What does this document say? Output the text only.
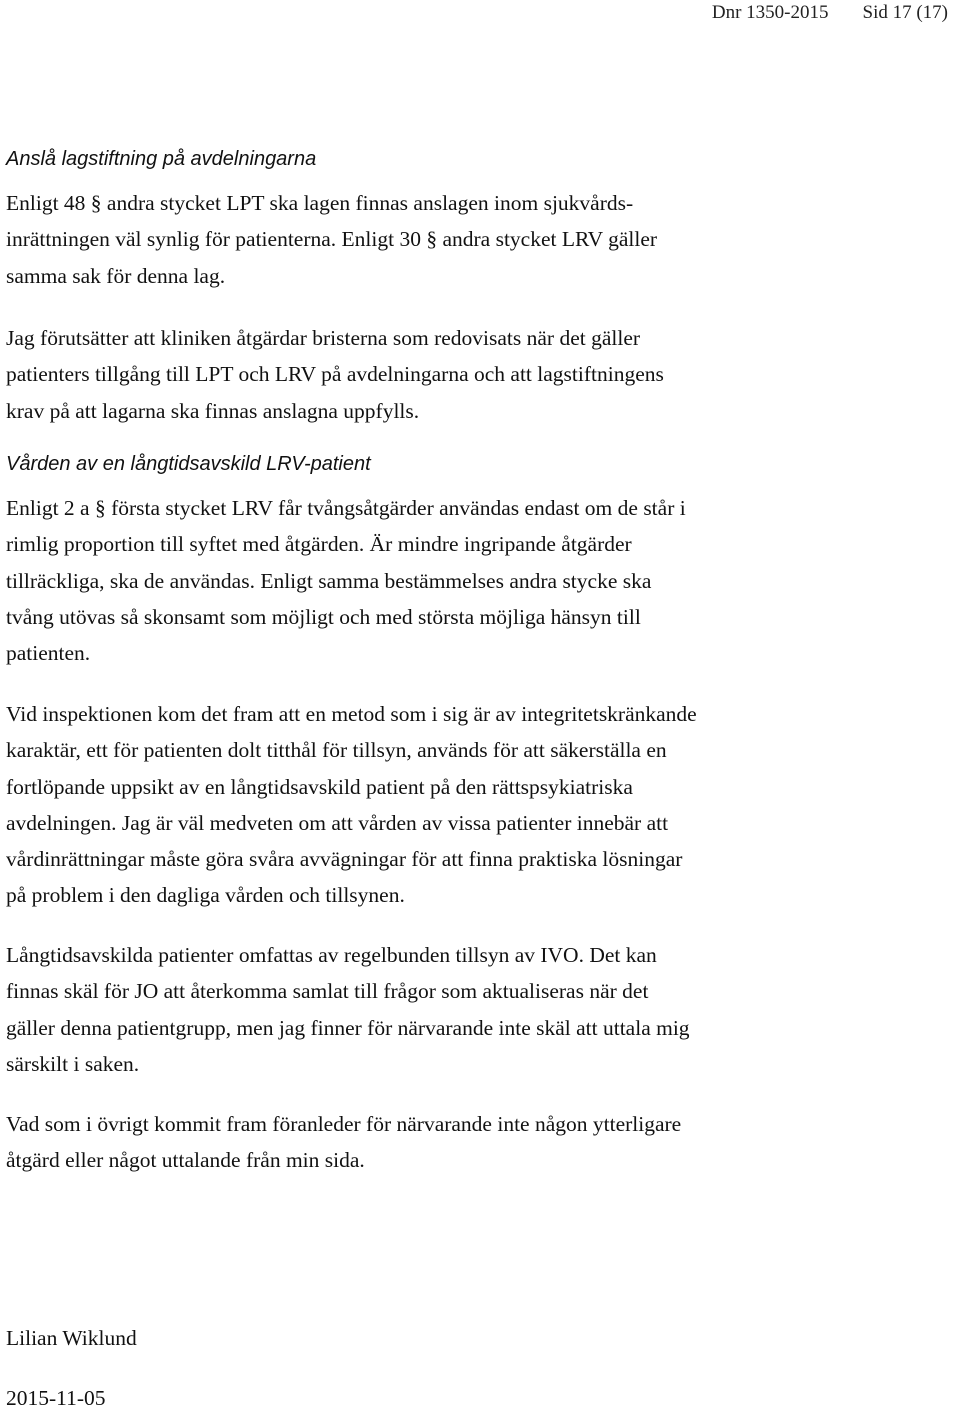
Dnr 1350-2015 Sid 17 (17)
Anslå lagstiftning på avdelningarna
Enligt 48 § andra stycket LPT ska lagen finnas anslagen inom sjukvårds-
inrättningen väl synlig för patienterna. Enligt 30 § andra stycket LRV gäller
samma sak för denna lag.
Jag förutsätter att kliniken åtgärdar bristerna som redovisats när det gäller
patienters tillgång till LPT och LRV på avdelningarna och att lagstiftningens
krav på att lagarna ska finnas anslagna uppfylls.
Vården av en långtidsavskild LRV-patient
Enligt 2 a § första stycket LRV får tvångsåtgärder användas endast om de står i
rimlig proportion till syftet med åtgärden. Är mindre ingripande åtgärder
tillräckliga, ska de användas. Enligt samma bestämmelses andra stycke ska
tvång utövas så skonsamt som möjligt och med största möjliga hänsyn till
patienten.
Vid inspektionen kom det fram att en metod som i sig är av integritetskränkande
karaktär, ett för patienten dolt titthål för tillsyn, används för att säkerställa en
fortlöpande uppsikt av en långtidsavskild patient på den rättspsykiatriska
avdelningen. Jag är väl medveten om att vården av vissa patienter innebär att
vårdinrättningar måste göra svåra avvägningar för att finna praktiska lösningar
på problem i den dagliga vården och tillsynen.
Långtidsavskilda patienter omfattas av regelbunden tillsyn av IVO. Det kan
finnas skäl för JO att återkomma samlat till frågor som aktualiseras när det
gäller denna patientgrupp, men jag finner för närvarande inte skäl att uttala mig
särskilt i saken.
Vad som i övrigt kommit fram föranleder för närvarande inte någon ytterligare
åtgärd eller något uttalande från min sida.
Lilian Wiklund
2015-11-05
